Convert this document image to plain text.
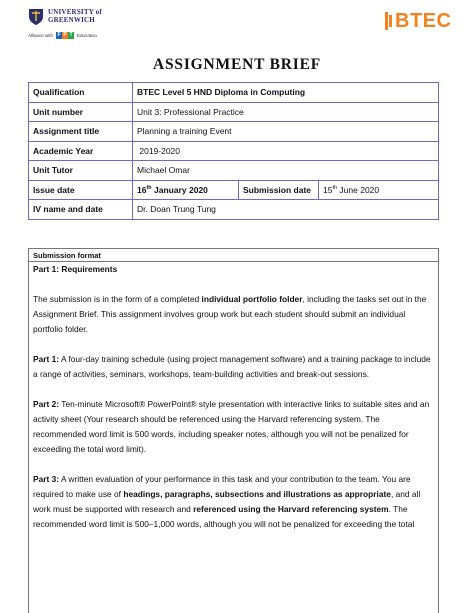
UNIVERSITY of GREENWICH
Alliance with F P T Education
BTEC
ASSIGNMENT BRIEF
Qualification	BTEC Level 5 HND Diploma in Computing		
Unit number	Unit 3: Professional Practice		
Assignment title	Planning a training Event		
Academic Year	2019-2020		
Unit Tutor	Michael Omar		
Issue date	16th January 2020	Submission date	15th June 2020
IV name and date	Dr. Doan Trung Tung		
Submission format

Part 1: Requirements

The submission is in the form of a completed individual portfolio folder, including the tasks set out in the Assignment Brief. This assignment involves group work but each student should submit an individual portfolio folder.

Part 1: A four-day training schedule (using project management software) and a training package to include a range of activities, seminars, workshops, team-building activities and break-out sessions.

Part 2: Ten-minute Microsoft® PowerPoint® style presentation with interactive links to suitable sites and an activity sheet (Your research should be referenced using the Harvard referencing system. The recommended word limit is 500 words, including speaker notes, although you will not be penalized for exceeding the total word limit).

Part 3: A written evaluation of your performance in this task and your contribution to the team. You are required to make use of headings, paragraphs, subsections and illustrations as appropriate, and all work must be supported with research and referenced using the Harvard referencing system. The recommended word limit is 500–1,000 words, although you will not be penalized for exceeding the total
